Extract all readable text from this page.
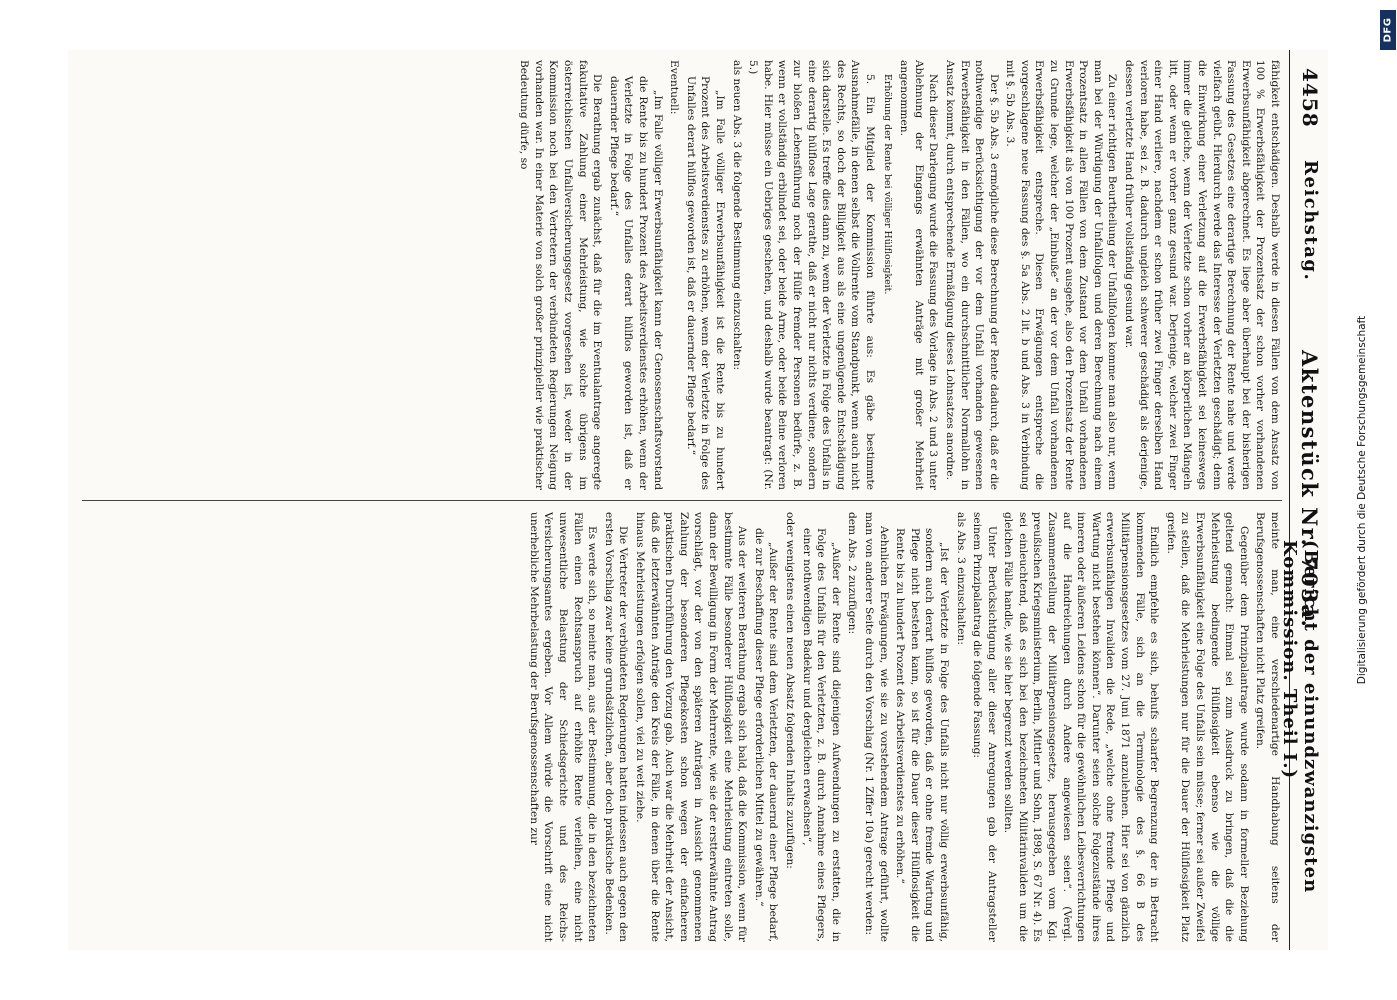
4458
Reichstag.
Aktenstück Nr. 703a.
(Bericht der einundzwanzigsten Kommission. Theil I.)

fähigkeit entschädigen. Deshalb werde in diesen Fällen von dem Ansatz von 100 % Erwerbsfähigkeit der Prozentsatz der schon vorher vorhandenen Erwerbsunfähigkeit abgerechnet. Es liege aber überhaupt bei der bisherigen Fassung des Gesetzes eine derartige Berechnung der Rente nahe und werde vielfach geübt. Hierdurch werde das Interesse der Verletzten geschädigt; denn die Einwirkung einer Verletzung auf die Erwerbsfähigkeit sei keineswegs immer die gleiche, wenn der Verletzte schon vorher an körperlichen Mängeln litt, oder wenn er vorher ganz gesund war. Derjenige, welcher zwei Finger einer Hand verliere, nachdem er schon früher zwei Finger derselben Hand verloren habe, sei z. B. dadurch ungleich schwerer geschädigt als derjenige, dessen verletzte Hand früher vollständig gesund war.

Zu einer richtigen Beurtheilung der Unfallfolgen komme man also nur, wenn man bei der Würdigung der Unfallfolgen und deren Berechnung nach einem Prozentsatz in allen Fällen von dem Zustand vor dem Unfall vorhandenen Erwerbsfähigkeit als von 100 Prozent ausgehe, also den Prozentsatz der Rente zu Grunde lege, welcher der „Einbuße“ an der vor dem Unfall vorhandenen Erwerbsfähigkeit entspreche. Diesen Erwägungen entspreche die vorgeschlagene neue Fassung des §. 5a Abs. 2 lit. b und Abs. 3 in Verbindung mit §. 5b Abs. 3.

Der §. 5b Abs. 3 ermögliche diese Berechnung der Rente dadurch, daß er die nothwendige Berücksichtigung der vor dem Unfall vorhanden gewesenen Erwerbsfähigkeit in den Fällen, wo ein durchschnittlicher Normallohn in Ansatz kommt, durch entsprechende Ermäßigung dieses Lohnsatzes anordne.

Nach dieser Darlegung wurde die Fassung des Vorlage in Abs. 2 und 3 unter Ablehnung der Eingangs erwähnten Anträge mit großer Mehrheit angenommen.

Erhöhung der Rente bei völliger Hülflosigkeit.

5. Ein Mitglied der Kommission führte aus: Es gäbe bestimmte Ausnahmefälle, in denen selbst die Vollrente vom Standpunkt, wenn auch nicht des Rechts, so doch der Billigkeit aus als eine ungenügende Entschädigung sich darstelle. Es treffe dies dann zu, wenn der Verletzte in Folge des Unfalls in eine derartig hülflose Lage gerathe, daß er nicht nur nichts verdiene, sondern zur bloßen Lebensführung noch der Hülfe fremder Personen bedürfe, z. B. wenn er vollständig erblindet sei, oder beide Arme, oder beide Beine verloren habe. Hier müsse ein Uebriges geschehen, und deshalb wurde beantragt: (Nr. 5.)

als neuen Abs. 3 die folgende Bestimmung einzuschalten:

„Im Falle völliger Erwerbsunfähigkeit ist die Rente bis zu hundert Prozent des Arbeitsverdienstes zu erhöhen, wenn der Verletzte in Folge des Unfalles derart hülflos geworden ist, daß er dauernder Pflege bedarf.“

Eventuell:

„Im Falle völliger Erwerbsunfähigkeit kann der Genossenschaftsvorstand die Rente bis zu hundert Prozent des Arbeitsverdienstes erhöhen, wenn der Verletzte in Folge des Unfalles derart hülflos geworden ist, daß er dauernder Pflege bedarf.“

Die Berathung ergab zunächst, daß für die im Eventualantrage angeregte fakultative Zahlung einer Mehrleistung, wie solche übrigens im österreichischen Unfallversicherungsgesetz vorgesehen ist, weder in der Kommission noch bei den Vertretern der verbündeten Regierungen Neigung vorhanden war. In einer Materie von solch großer prinzipieller wie praktischer Bedeutung dürfe, so

meinte man, eine verschiedenartige Handhabung seitens der Berufsgenossenschaften nicht Platz greifen.

Gegenüber dem Prinzipalantrage wurde sodann in formeller Beziehung geltend gemacht: Einmal sei zum Ausdruck zu bringen, daß die die Mehrleistung bedingende Hülflosigkeit ebenso wie die völlige Erwerbsunfähigkeit eine Folge des Unfalls sein müsse; ferner sei außer Zweifel zu stellen, daß die Mehrleistungen nur für die Dauer der Hülflosigkeit Platz greifen.

Endlich empfehle es sich, behufs scharfer Begrenzung der in Betracht kommenden Fälle, sich an die Terminologie des §. 66 B des Militärpensionsgesetzes vom 27. Juni 1871 anzulehnen. Hier sei von gänzlich erwerbsunfähigen Invaliden die Rede, „welche ohne fremde Pflege und Wartung nicht bestehen können“. Darunter seien solche Folgezustände ihres inneren oder äußeren Leidens schon für die gewöhnlichen Leibesverrichtungen auf die Handreichungen durch Andere angewiesen seien“. (Vergl. Zusammenstellung der Militärpensionsgesetze, herausgegeben vom Kgl. preußischen Kriegsministerium, Berlin, Mittler und Sohn, 1898, S. 67 Nr. 4). Es sei einleuchtend, daß es sich bei den bezeichneten Militärinvaliden um die gleichen Fälle handle, wie sie hier begrenzt werden sollten.

Unter Berücksichtigung aller dieser Anregungen gab der Antragsteller seinem Prinzipalantrag die folgende Fassung:

als Abs. 3 einzuschalten:

„Ist der Verletzte in Folge des Unfalls nicht nur völlig erwerbsunfähig, sondern auch derart hülflos geworden, daß er ohne fremde Wartung und Pflege nicht bestehen kann, so ist für die Dauer dieser Hülflosigkeit die Rente bis zu hundert Prozent des Arbeitsverdienstes zu erhöhen.“

Aehnlichen Erwägungen, wie sie zu vorstehendem Antrage geführt, wollte man von anderer Seite durch den Vorschlag (Nr. 1 Ziffer 10a) gerecht werden:

dem Abs. 2 zuzufügen:

„Außer der Rente sind diejenigen Aufwendungen zu erstatten, die in Folge des Unfalls für den Verletzten, z. B. durch Annahme eines Pflegers, einer nothwendigen Badekur und dergleichen erwachsen“,

oder wenigstens einen neuen Absatz folgenden Inhalts zuzufügen:

„Außer der Rente sind dem Verletzten, der dauernd einer Pflege bedarf, die zur Beschaffung dieser Pflege erforderlichen Mittel zu gewähren.“

Aus der weiteren Berathung ergab sich bald, daß die Kommission, wenn für bestimmte Fälle besonderer Hülflosigkeit eine Mehrleistung eintreten solle, dann der Bewilligung in Form der Mehrrente, wie sie der erstterwähnte Antrag vorschlägt, vor der von den späteren Anträgen in Aussicht genommenen Zahlung der besonderen Pflegekosten schon wegen der einfacheren praktischen Durchführung den Vorzug gab. Auch war die Mehrheit der Ansicht, daß die letzterwähnten Anträge den Kreis der Fälle, in denen über die Rente hinaus Mehrleistungen erfolgen sollen, viel zu weit ziehe.

Die Vertreter der verbündeten Regierungen hatten indessen auch gegen den ersten Vorschlag zwar keine grundsätzlichen, aber doch praktische Bedenken.

Es werde sich, so meinte man, aus der Bestimmung, die in den bezeichneten Fällen einen Rechtsanspruch auf erhöhte Rente verleihen, eine nicht unwesentliche Belastung der Schiedsgerichte und des Reichs-Versicherungsamtes ergeben. Vor Allem würde die Vorschrift eine nicht unerhebliche Mehrbelastung der Berufsgenossenschaften zur	Digitalisierung gefördert durch die Deutsche Forschungsgemeinschaft
DFG
